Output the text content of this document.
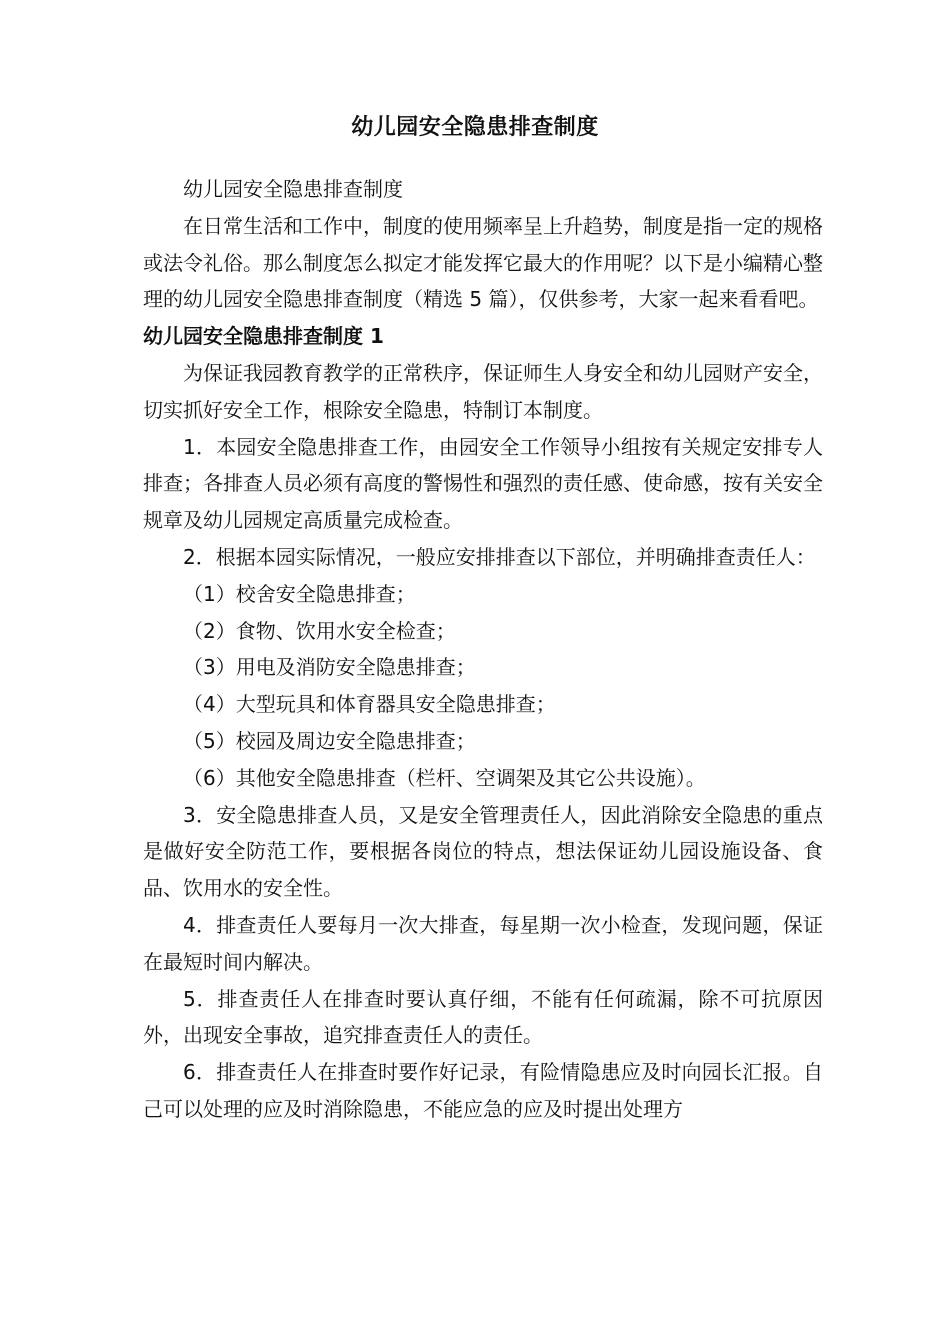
幼儿园安全隐患排查制度

幼儿园安全隐患排查制度

在日常生活和工作中，制度的使用频率呈上升趋势，制度是指一定的规格或法令礼俗。那么制度怎么拟定才能发挥它最大的作用呢？以下是小编精心整理的幼儿园安全隐患排查制度（精选 5 篇），仅供参考，大家一起来看看吧。

幼儿园安全隐患排查制度 1

为保证我园教育教学的正常秩序，保证师生人身安全和幼儿园财产安全，切实抓好安全工作，根除安全隐患，特制订本制度。

1．本园安全隐患排查工作，由园安全工作领导小组按有关规定安排专人排查；各排查人员必须有高度的警惕性和强烈的责任感、使命感，按有关安全规章及幼儿园规定高质量完成检查。

2．根据本园实际情况，一般应安排排查以下部位，并明确排查责任人：

（1）校舍安全隐患排查；

（2）食物、饮用水安全检查；

（3）用电及消防安全隐患排查；

（4）大型玩具和体育器具安全隐患排查；

（5）校园及周边安全隐患排查；

（6）其他安全隐患排查（栏杆、空调架及其它公共设施）。

3．安全隐患排查人员，又是安全管理责任人，因此消除安全隐患的重点是做好安全防范工作，要根据各岗位的特点，想法保证幼儿园设施设备、食品、饮用水的安全性。

4．排查责任人要每月一次大排查，每星期一次小检查，发现问题，保证在最短时间内解决。

5．排查责任人在排查时要认真仔细，不能有任何疏漏，除不可抗原因外，出现安全事故，追究排查责任人的责任。

6．排查责任人在排查时要作好记录，有险情隐患应及时向园长汇报。自己可以处理的应及时消除隐患，不能应急的应及时提出处理方
